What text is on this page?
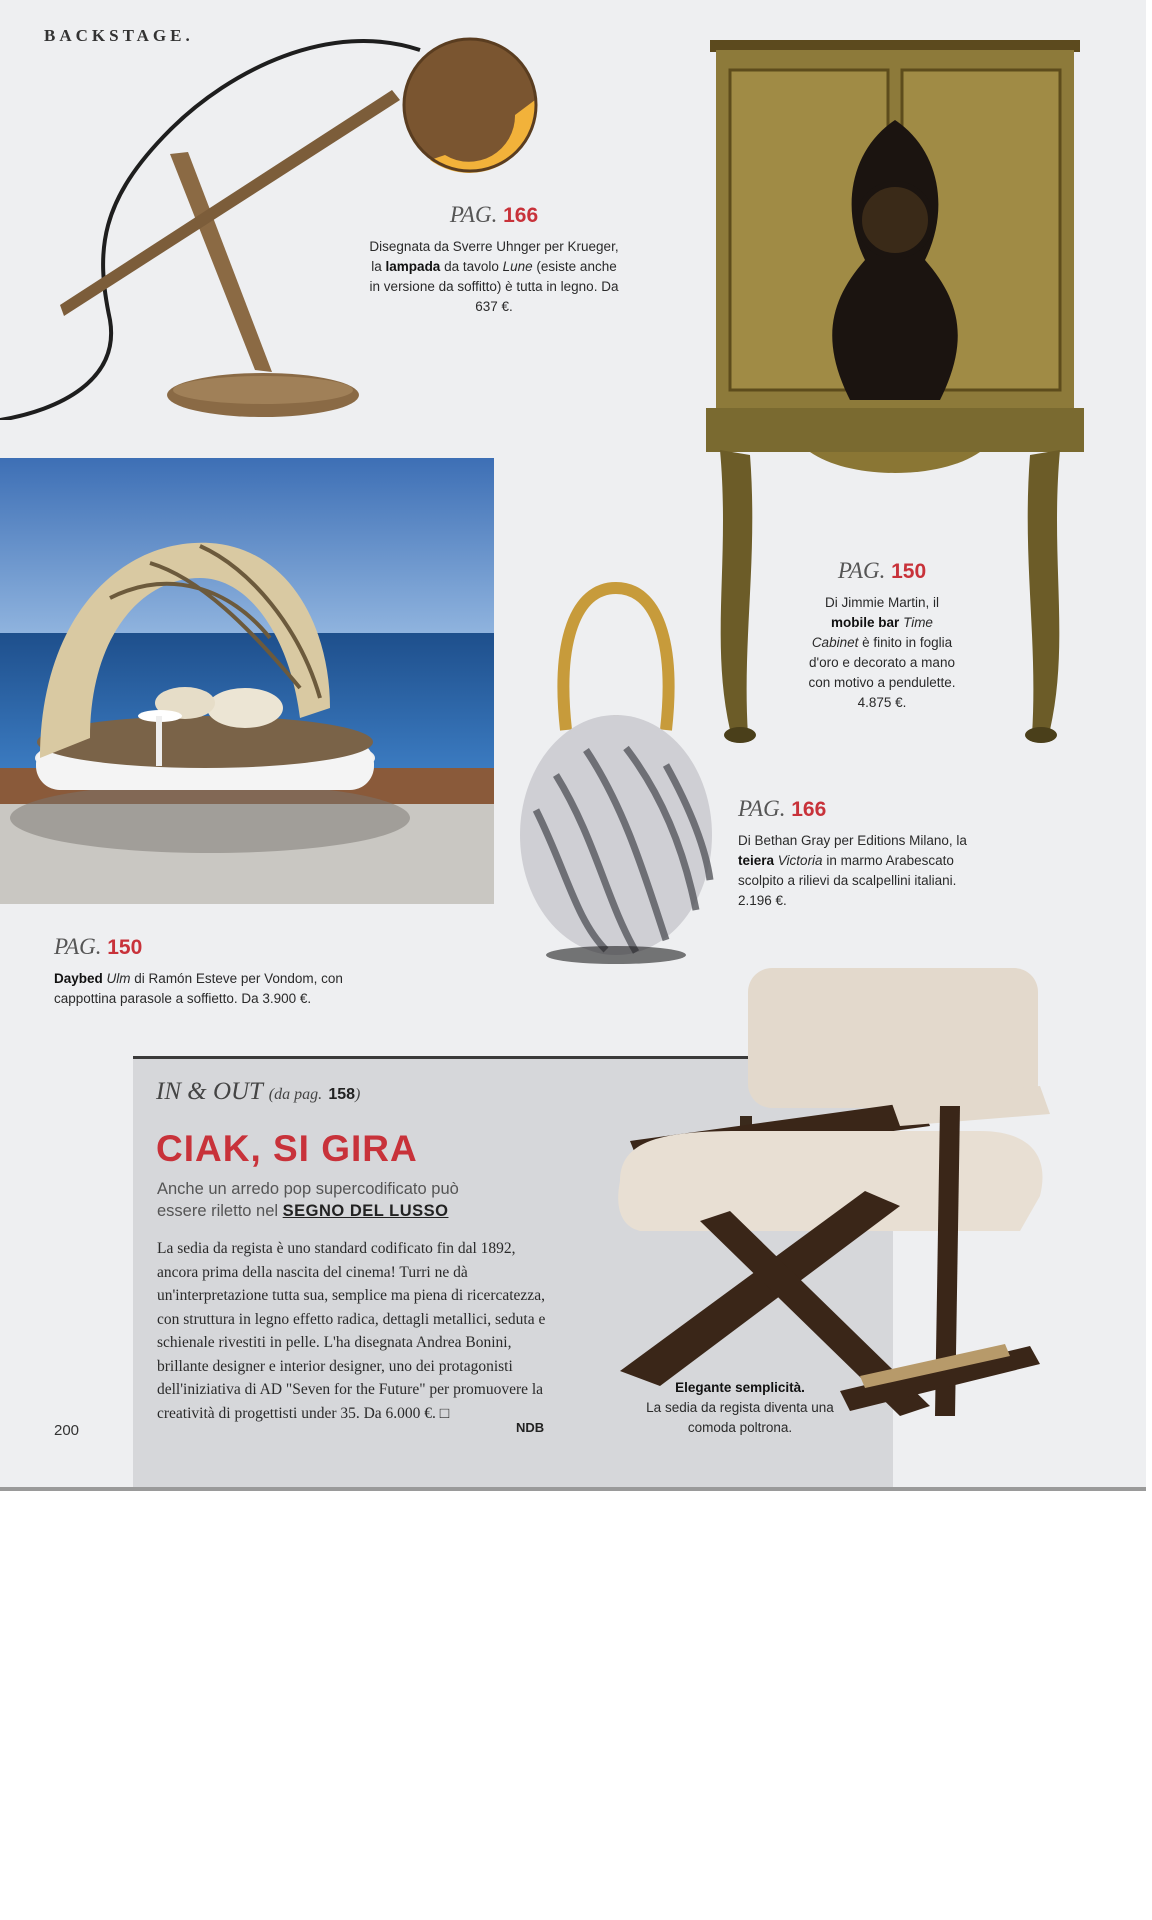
BACKSTAGE.

PAG. 166

Disegnata da Sverre Uhnger per Krueger, la lampada da tavolo Lune (esiste anche in versione da soffitto) è tutta in legno. Da 637 €.

PAG. 150

Di Jimmie Martin, il mobile bar Time Cabinet è finito in foglia d'oro e decorato a mano con motivo a pendulette. 4.875 €.

PAG. 150

Daybed Ulm di Ramón Esteve per Vondom, con cappottina parasole a soffietto. Da 3.900 €.

PAG. 166

Di Bethan Gray per Editions Milano, la teiera Victoria in marmo Arabescato scolpito a rilievi da scalpellini italiani. 2.196 €.

IN & OUT (da pag. 158)

CIAK, SI GIRA

Anche un arredo pop supercodificato può essere riletto nel SEGNO DEL LUSSO

La sedia da regista è uno standard codificato fin dal 1892, ancora prima della nascita del cinema! Turri ne dà un'interpretazione tutta sua, semplice ma piena di ricercatezza, con struttura in legno effetto radica, dettagli metallici, seduta e schienale rivestiti in pelle. L'ha disegnata Andrea Bonini, brillante designer e interior designer, uno dei protagonisti dell'iniziativa di AD "Seven for the Future" per promuovere la creatività di progettisti under 35. Da 6.000 €. □

NDB

Elegante semplicità.
La sedia da regista diventa una comoda poltrona.

200
